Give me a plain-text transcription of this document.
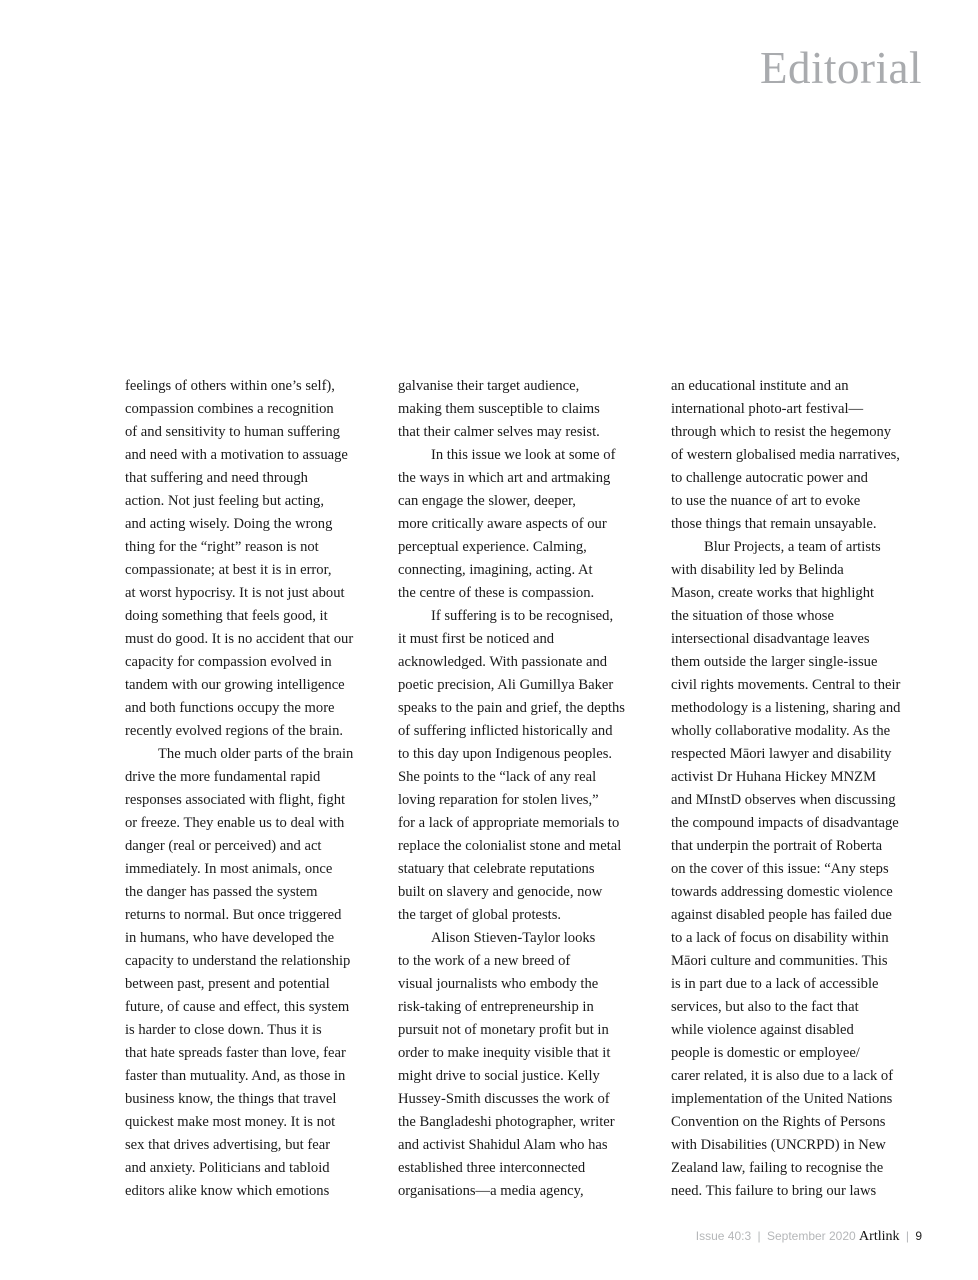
Editorial
feelings of others within one’s self),
compassion combines a recognition
of and sensitivity to human suffering
and need with a motivation to assuage
that suffering and need through
action. Not just feeling but acting,
and acting wisely. Doing the wrong
thing for the “right” reason is not
compassionate; at best it is in error,
at worst hypocrisy. It is not just about
doing something that feels good, it
must do good. It is no accident that our
capacity for compassion evolved in
tandem with our growing intelligence
and both functions occupy the more
recently evolved regions of the brain.
The much older parts of the brain
drive the more fundamental rapid
responses associated with flight, fight
or freeze. They enable us to deal with
danger (real or perceived) and act
immediately. In most animals, once
the danger has passed the system
returns to normal. But once triggered
in humans, who have developed the
capacity to understand the relationship
between past, present and potential
future, of cause and effect, this system
is harder to close down. Thus it is
that hate spreads faster than love, fear
faster than mutuality. And, as those in
business know, the things that travel
quickest make most money. It is not
sex that drives advertising, but fear
and anxiety. Politicians and tabloid
editors alike know which emotions
galvanise their target audience,
making them susceptible to claims
that their calmer selves may resist.
In this issue we look at some of
the ways in which art and artmaking
can engage the slower, deeper,
more critically aware aspects of our
perceptual experience. Calming,
connecting, imagining, acting. At
the centre of these is compassion.
If suffering is to be recognised,
it must first be noticed and
acknowledged. With passionate and
poetic precision, Ali Gumillya Baker
speaks to the pain and grief, the depths
of suffering inflicted historically and
to this day upon Indigenous peoples.
She points to the “lack of any real
loving reparation for stolen lives,”
for a lack of appropriate memorials to
replace the colonialist stone and metal
statuary that celebrate reputations
built on slavery and genocide, now
the target of global protests.
Alison Stieven-Taylor looks
to the work of a new breed of
visual journalists who embody the
risk-taking of entrepreneurship in
pursuit not of monetary profit but in
order to make inequity visible that it
might drive to social justice. Kelly
Hussey-Smith discusses the work of
the Bangladeshi photographer, writer
and activist Shahidul Alam who has
established three interconnected
organisations—a media agency,
an educational institute and an
international photo-art festival—
through which to resist the hegemony
of western globalised media narratives,
to challenge autocratic power and
to use the nuance of art to evoke
those things that remain unsayable.
Blur Projects, a team of artists
with disability led by Belinda
Mason, create works that highlight
the situation of those whose
intersectional disadvantage leaves
them outside the larger single-issue
civil rights movements. Central to their
methodology is a listening, sharing and
wholly collaborative modality. As the
respected Māori lawyer and disability
activist Dr Huhana Hickey MNZM
and MInstD observes when discussing
the compound impacts of disadvantage
that underpin the portrait of Roberta
on the cover of this issue: “Any steps
towards addressing domestic violence
against disabled people has failed due
to a lack of focus on disability within
Māori culture and communities. This
is in part due to a lack of accessible
services, but also to the fact that
while violence against disabled
people is domestic or employee/
carer related, it is also due to a lack of
implementation of the United Nations
Convention on the Rights of Persons
with Disabilities (UNCRPD) in New
Zealand law, failing to recognise the
need. This failure to bring our laws
Issue 40:3 | September 2020 Artlink | 9
